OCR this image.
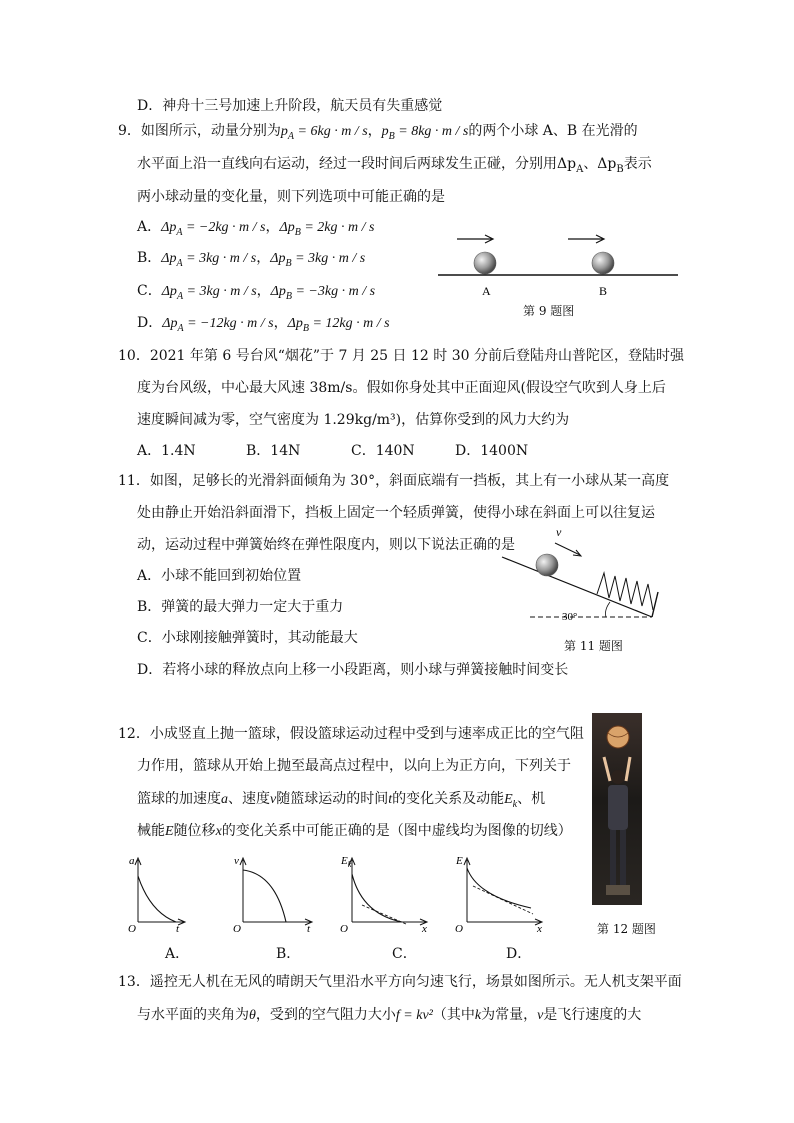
D．神舟十三号加速上升阶段，航天员有失重感觉
9．如图所示，动量分别为$p_A = 6kg \cdot m / s$，$p_B = 8kg \cdot m / s$的两个小球 A、B 在光滑的
水平面上沿一直线向右运动，经过一段时间后两球发生正碰，分别用$\Delta p_A$、$\Delta p_B$表示
两小球动量的变化量，则下列选项中可能正确的是
A．$\Delta p_A = -2kg \cdot m / s$，$\Delta p_B = 2kg \cdot m / s$
B．$\Delta p_A = 3kg \cdot m / s$，$\Delta p_B = 3kg \cdot m / s$
C．$\Delta p_A = 3kg \cdot m / s$，$\Delta p_B = -3kg \cdot m / s$
D．$\Delta p_A = -12kg \cdot m / s$，$\Delta p_B = 12kg \cdot m / s$
A	B
第 9 题图
10．2021 年第 6 号台风“烟花”于 7 月 25 日 12 时 30 分前后登陆舟山普陀区，登陆时强
度为台风级，中心最大风速 38m/s。假如你身处其中正面迎风(假设空气吹到人身上后
速度瞬间减为零，空气密度为 1.29kg/m³)，估算你受到的风力大约为
A．1.4N	B．14N	C．140N	D．1400N
11．如图，足够长的光滑斜面倾角为 30°，斜面底端有一挡板，其上有一小球从某一高度
处由静止开始沿斜面滑下，挡板上固定一个轻质弹簧，使得小球在斜面上可以往复运
动，运动过程中弹簧始终在弹性限度内，则以下说法正确的是
A．小球不能回到初始位置
B．弹簧的最大弹力一定大于重力
C．小球刚接触弹簧时，其动能最大
D．若将小球的释放点向上移一小段距离，则小球与弹簧接触时间变长
v
30°
第 11 题图
12．小成竖直上抛一篮球，假设篮球运动过程中受到与速率成正比的空气阻
力作用，篮球从开始上抛至最高点过程中，以向上为正方向，下列关于
篮球的加速度a、速度v随篮球运动的时间t的变化关系及动能$E_k$、机
械能E随位移x的变化关系中可能正确的是（图中虚线均为图像的切线）
第 12 题图
a
O	t
v
O	t
$E_k$
O	x
E
O	x
A．	B．	C．	D．
13．遥控无人机在无风的晴朗天气里沿水平方向匀速飞行，场景如图所示。无人机支架平面
与水平面的夹角为θ，受到的空气阻力大小f = kv²（其中k为常量，v是飞行速度的大
